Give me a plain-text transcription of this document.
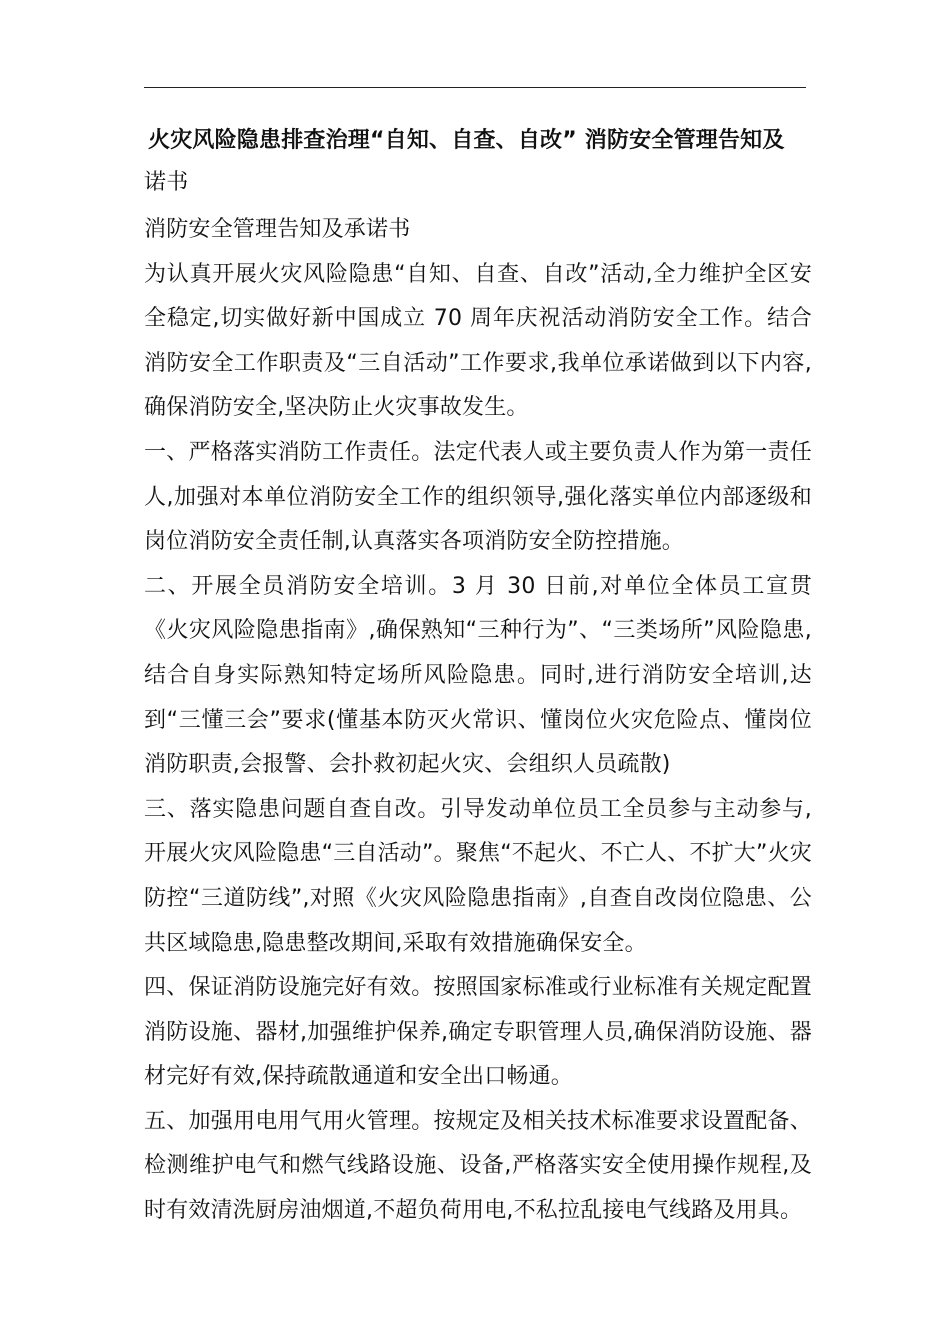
火灾风险隐患排查治理“自知、自查、自改” 消防安全管理告知及

诺书

消防安全管理告知及承诺书

为认真开展火灾风险隐患“自知、自查、自改”活动,全力维护全区安全稳定,切实做好新中国成立 70 周年庆祝活动消防安全工作。结合消防安全工作职责及“三自活动”工作要求,我单位承诺做到以下内容,确保消防安全,坚决防止火灾事故发生。

一、严格落实消防工作责任。法定代表人或主要负责人作为第一责任人,加强对本单位消防安全工作的组织领导,强化落实单位内部逐级和岗位消防安全责任制,认真落实各项消防安全防控措施。

二、开展全员消防安全培训。3 月 30 日前,对单位全体员工宣贯《火灾风险隐患指南》,确保熟知“三种行为”、“三类场所”风险隐患,结合自身实际熟知特定场所风险隐患。同时,进行消防安全培训,达到“三懂三会”要求(懂基本防灭火常识、懂岗位火灾危险点、懂岗位消防职责,会报警、会扑救初起火灾、会组织人员疏散)

三、落实隐患问题自查自改。引导发动单位员工全员参与主动参与,开展火灾风险隐患“三自活动”。聚焦“不起火、不亡人、不扩大”火灾防控“三道防线”,对照《火灾风险隐患指南》,自查自改岗位隐患、公共区域隐患,隐患整改期间,采取有效措施确保安全。

四、保证消防设施完好有效。按照国家标准或行业标准有关规定配置消防设施、器材,加强维护保养,确定专职管理人员,确保消防设施、器材完好有效,保持疏散通道和安全出口畅通。

五、加强用电用气用火管理。按规定及相关技术标准要求设置配备、检测维护电气和燃气线路设施、设备,严格落实安全使用操作规程,及时有效清洗厨房油烟道,不超负荷用电,不私拉乱接电气线路及用具。
